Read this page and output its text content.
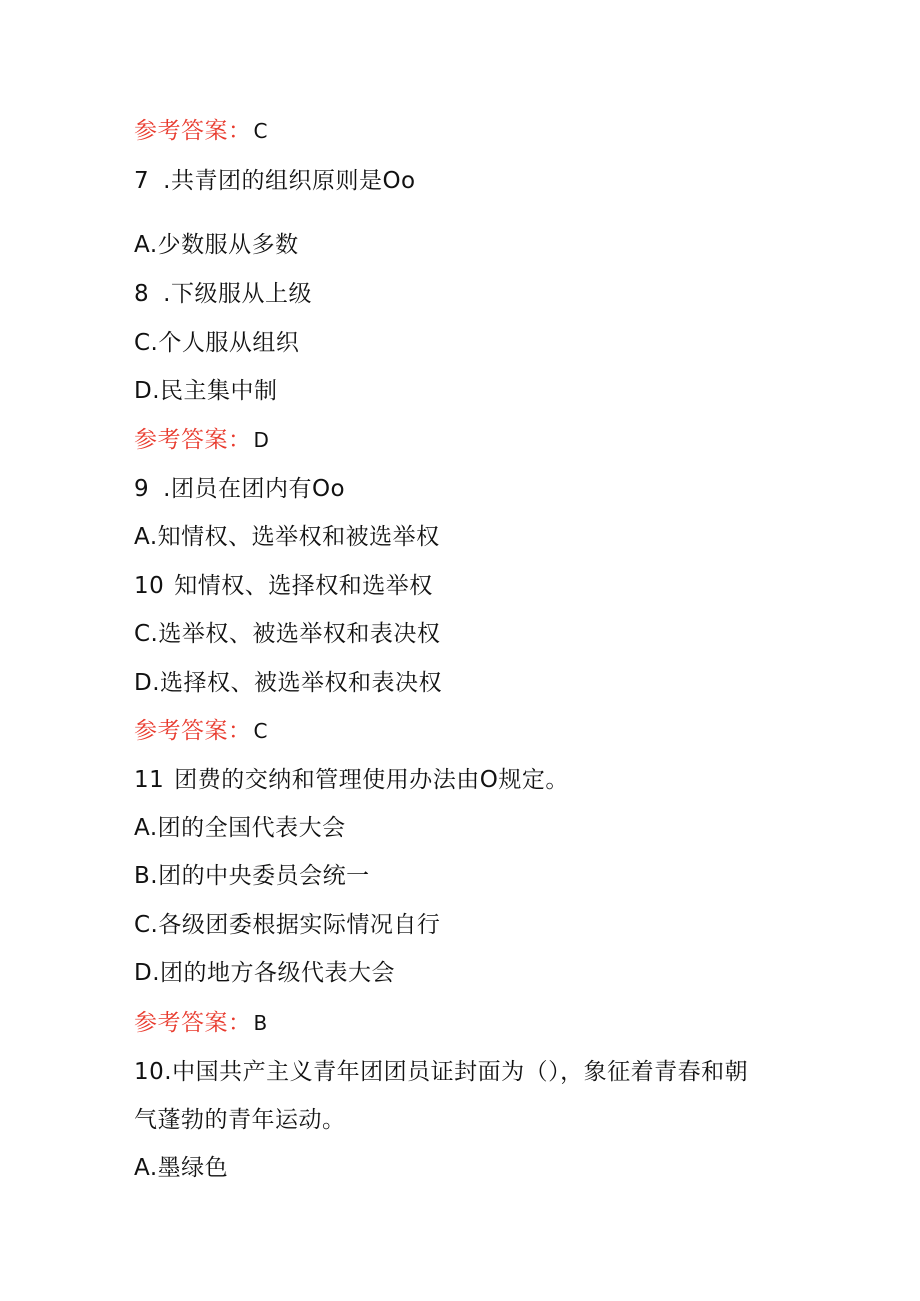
参考答案： C
7 .共青团的组织原则是Oo
A.少数服从多数
8 .下级服从上级
C.个人服从组织
D.民主集中制
参考答案： D
9 .团员在团内有Oo
A.知情权、选举权和被选举权
10 知情权、选择权和选举权
C.选举权、被选举权和表决权
D.选择权、被选举权和表决权
参考答案： C
11 团费的交纳和管理使用办法由O规定。
A.团的全国代表大会
B.团的中央委员会统一
C.各级团委根据实际情况自行
D.团的地方各级代表大会
参考答案： B
10.中国共产主义青年团团员证封面为（），象征着青春和朝
气蓬勃的青年运动。
A.墨绿色
